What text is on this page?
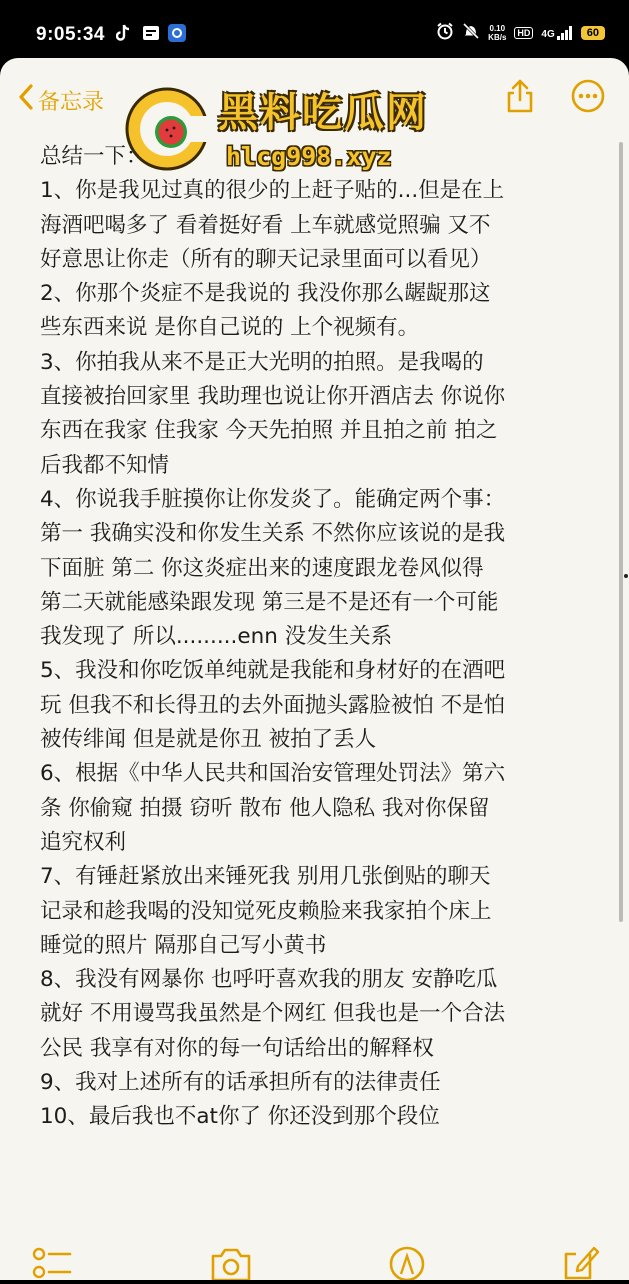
9:05:34	0.10
KB/s	HD	4G	60
备忘录	黑料吃瓜网
hlcg998.xyz

总结一下：

1、你是我见过真的很少的上赶子贴的...但是在上

海酒吧喝多了 看着挺好看 上车就感觉照骗 又不

好意思让你走（所有的聊天记录里面可以看见）

2、你那个炎症不是我说的 我没你那么龌龊那这

些东西来说 是你自己说的 上个视频有。

3、你拍我从来不是正大光明的拍照。是我喝的

直接被抬回家里 我助理也说让你开酒店去 你说你

东西在我家 住我家 今天先拍照 并且拍之前 拍之

后我都不知情

4、你说我手脏摸你让你发炎了。能确定两个事：

第一 我确实没和你发生关系 不然你应该说的是我

下面脏 第二 你这炎症出来的速度跟龙卷风似得

第二天就能感染跟发现 第三是不是还有一个可能

我发现了 所以.........enn 没发生关系

5、我没和你吃饭单纯就是我能和身材好的在酒吧

玩 但我不和长得丑的去外面抛头露脸被怕 不是怕

被传绯闻 但是就是你丑 被拍了丢人

6、根据《中华人民共和国治安管理处罚法》第六

条 你偷窥 拍摄 窃听 散布 他人隐私 我对你保留

追究权利

7、有锤赶紧放出来锤死我 别用几张倒贴的聊天

记录和趁我喝的没知觉死皮赖脸来我家拍个床上

睡觉的照片 隔那自己写小黄书

8、我没有网暴你 也呼吁喜欢我的朋友 安静吃瓜

就好 不用谩骂我虽然是个网红 但我也是一个合法

公民 我享有对你的每一句话给出的解释权

9、我对上述所有的话承担所有的法律责任

10、最后我也不at你了 你还没到那个段位
